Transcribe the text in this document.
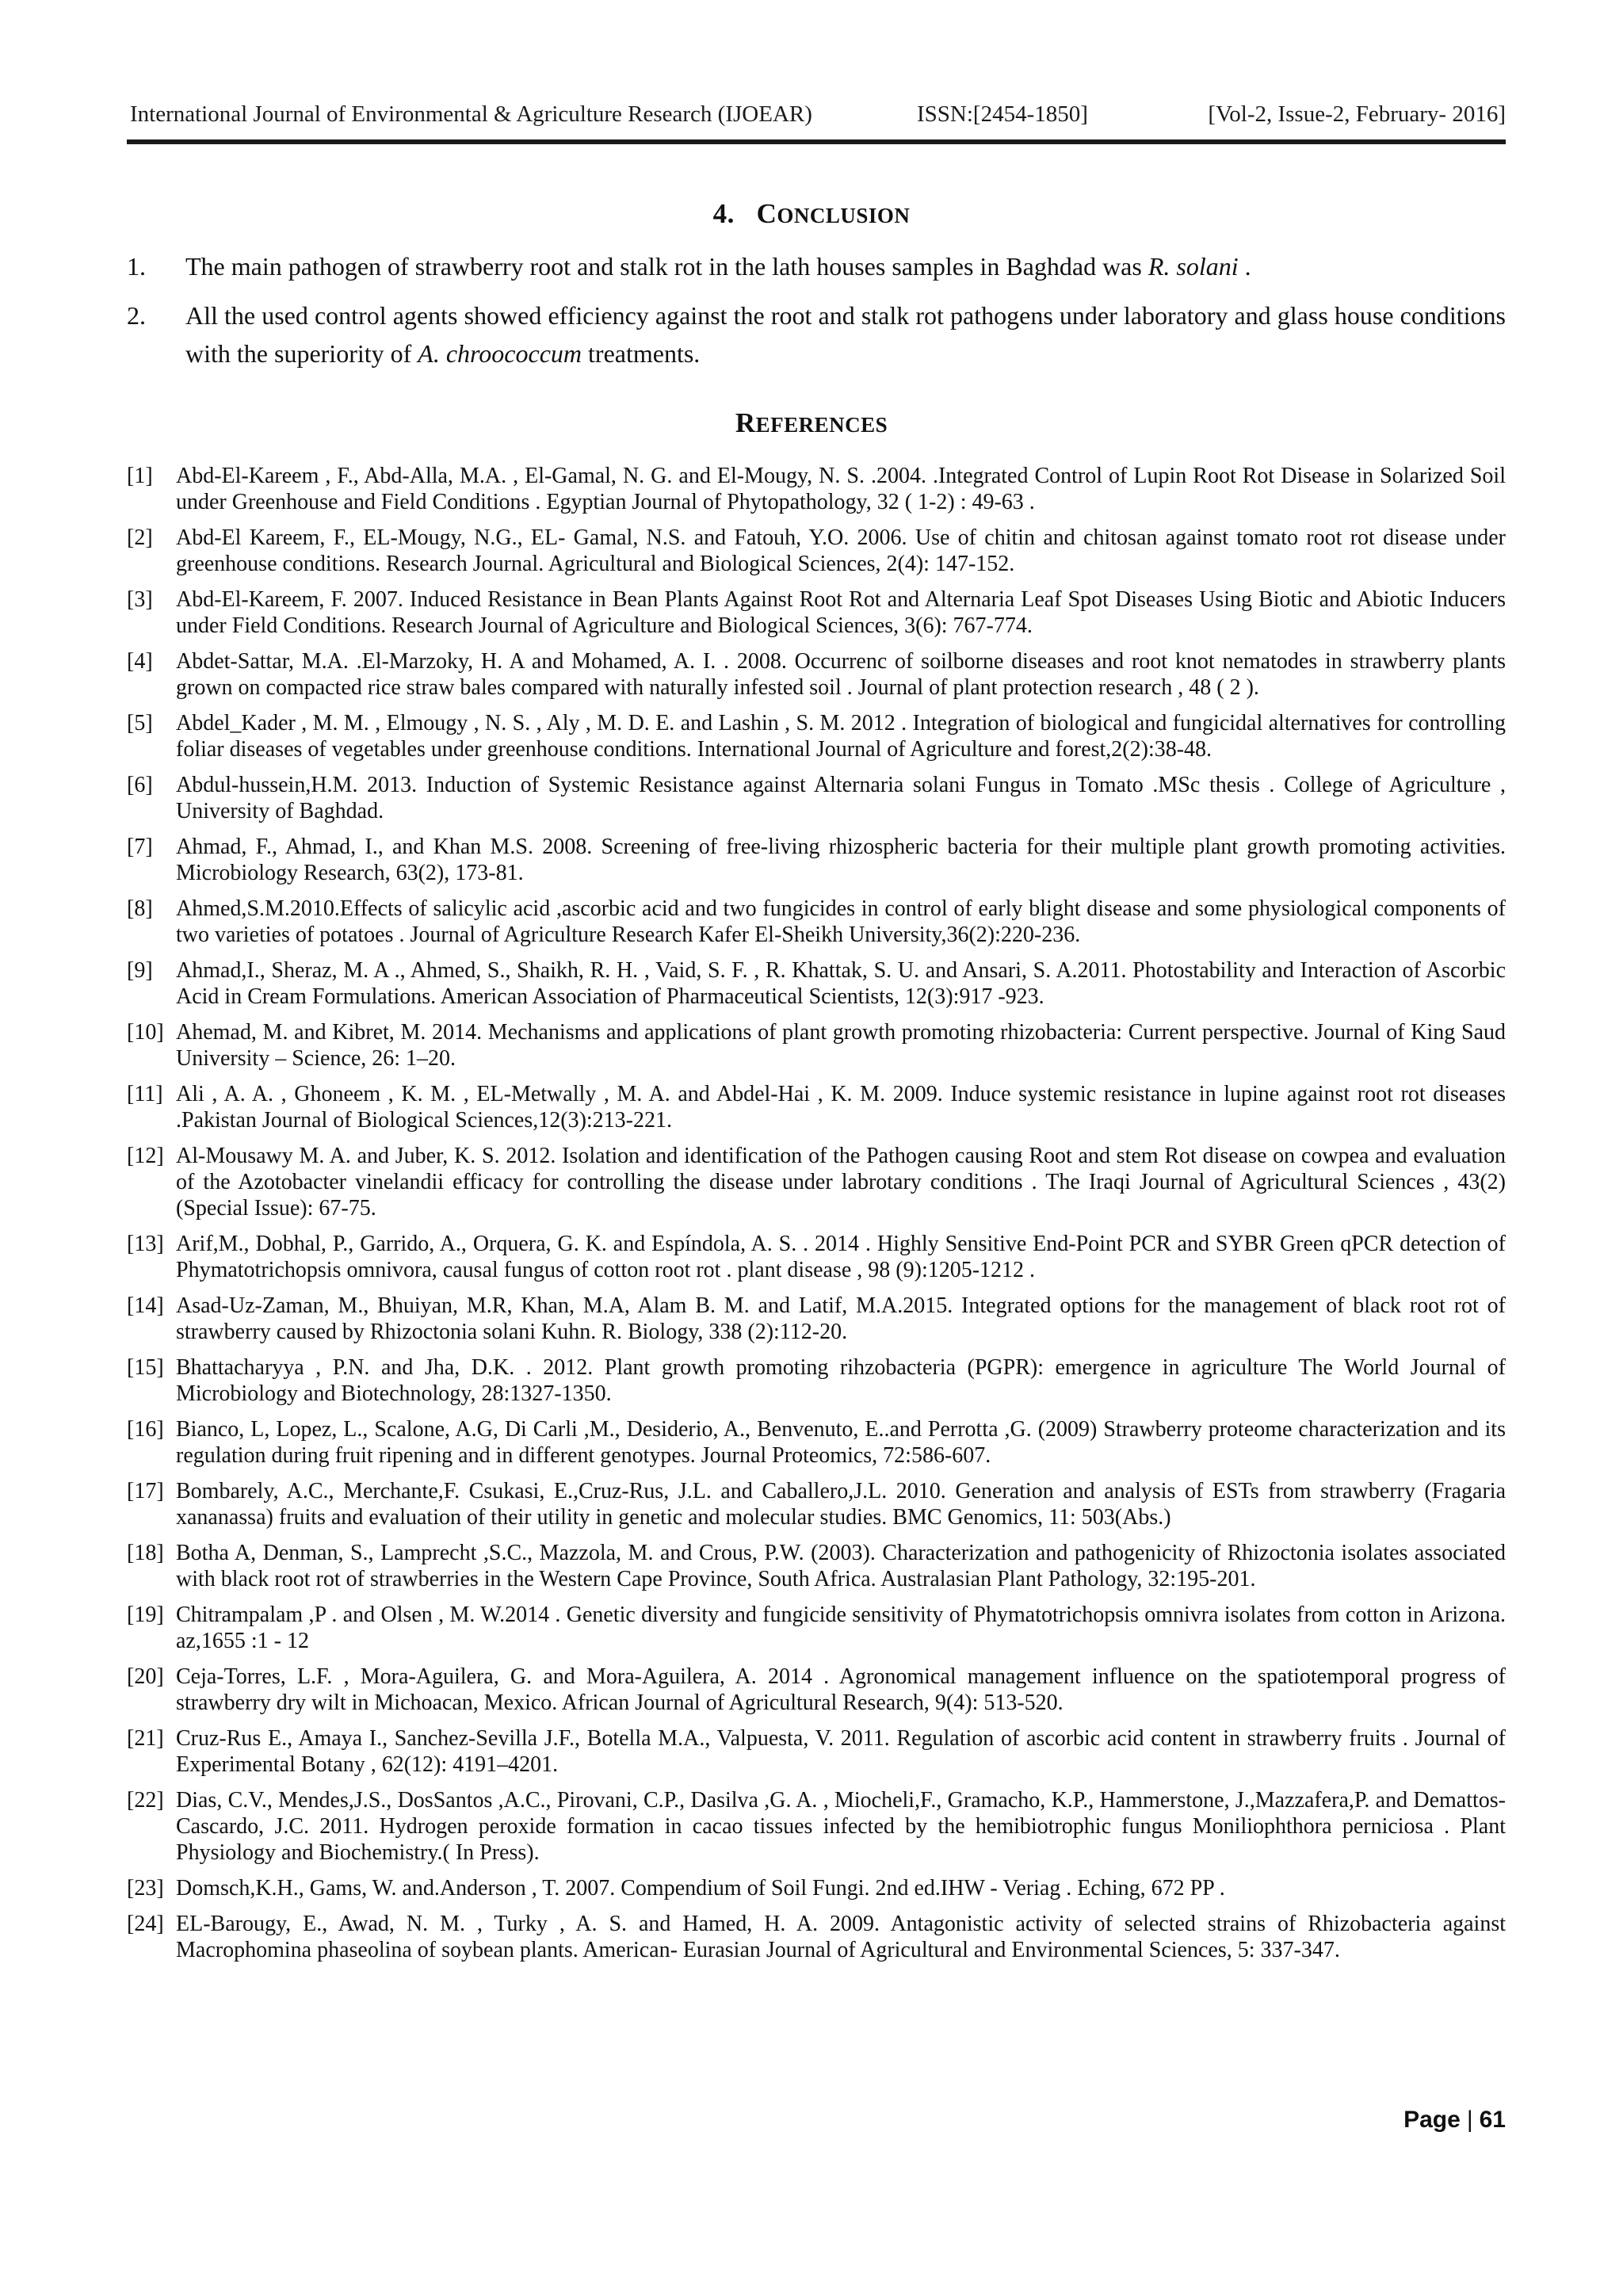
International Journal of Environmental & Agriculture Research (IJOEAR)	ISSN:[2454-1850]	[Vol-2, Issue-2, February- 2016]
4. CONCLUSION
1.	The main pathogen of strawberry root and stalk rot in the lath houses samples in Baghdad was R. solani .
2.	All the used control agents showed efficiency against the root and stalk rot pathogens under laboratory and glass house conditions with the superiority of A. chroococcum treatments.
REFERENCES
[1]	Abd-El-Kareem , F., Abd-Alla, M.A. , El-Gamal, N. G. and El-Mougy, N. S. .2004. .Integrated Control of Lupin Root Rot Disease in Solarized Soil under Greenhouse and Field Conditions . Egyptian Journal of Phytopathology, 32 ( 1-2) : 49-63 .
[2]	Abd-El Kareem, F., EL-Mougy, N.G., EL- Gamal, N.S. and Fatouh, Y.O. 2006. Use of chitin and chitosan against tomato root rot disease under greenhouse conditions. Research Journal. Agricultural and Biological Sciences, 2(4): 147-152.
[3]	Abd-El-Kareem, F. 2007. Induced Resistance in Bean Plants Against Root Rot and Alternaria Leaf Spot Diseases Using Biotic and Abiotic Inducers under Field Conditions. Research Journal of Agriculture and Biological Sciences, 3(6): 767-774.
[4]	Abdet-Sattar, M.A. .El-Marzoky, H. A and Mohamed, A. I. . 2008. Occurrenc of soilborne diseases and root knot nematodes in strawberry plants grown on compacted rice straw bales compared with naturally infested soil . Journal of plant protection research , 48 ( 2 ).
[5]	Abdel_Kader , M. M. , Elmougy , N. S. , Aly , M. D. E. and Lashin , S. M. 2012 . Integration of biological and fungicidal alternatives for controlling foliar diseases of vegetables under greenhouse conditions. International Journal of Agriculture and forest,2(2):38-48.
[6]	Abdul-hussein,H.M. 2013. Induction of Systemic Resistance against Alternaria solani Fungus in Tomato .MSc thesis . College of Agriculture , University of Baghdad.
[7]	Ahmad, F., Ahmad, I., and Khan M.S. 2008. Screening of free-living rhizospheric bacteria for their multiple plant growth promoting activities. Microbiology Research, 63(2), 173-81.
[8]	Ahmed,S.M.2010.Effects of salicylic acid ,ascorbic acid and two fungicides in control of early blight disease and some physiological components of two varieties of potatoes . Journal of Agriculture Research Kafer El-Sheikh University,36(2):220-236.
[9]	Ahmad,I., Sheraz, M. A ., Ahmed, S., Shaikh, R. H. , Vaid, S. F. , R. Khattak, S. U. and Ansari, S. A.2011. Photostability and Interaction of Ascorbic Acid in Cream Formulations. American Association of Pharmaceutical Scientists, 12(3):917 -923.
[10] Ahemad, M. and Kibret, M. 2014. Mechanisms and applications of plant growth promoting rhizobacteria: Current perspective. Journal of King Saud University – Science, 26: 1–20.
[11] Ali , A. A. , Ghoneem , K. M. , EL-Metwally , M. A. and Abdel-Hai , K. M. 2009. Induce systemic resistance in lupine against root rot diseases .Pakistan Journal of Biological Sciences,12(3):213-221.
[12] Al-Mousawy M. A. and Juber, K. S. 2012. Isolation and identification of the Pathogen causing Root and stem Rot disease on cowpea and evaluation of the Azotobacter vinelandii efficacy for controlling the disease under labrotary conditions . The Iraqi Journal of Agricultural Sciences , 43(2) (Special Issue): 67-75.
[13] Arif,M., Dobhal, P., Garrido, A., Orquera, G. K. and Espíndola, A. S. . 2014 . Highly Sensitive End-Point PCR and SYBR Green qPCR detection of Phymatotrichopsis omnivora, causal fungus of cotton root rot . plant disease , 98 (9):1205-1212 .
[14] Asad-Uz-Zaman, M., Bhuiyan, M.R, Khan, M.A, Alam B. M. and Latif, M.A.2015. Integrated options for the management of black root rot of strawberry caused by Rhizoctonia solani Kuhn. R. Biology, 338 (2):112-20.
[15] Bhattacharyya , P.N. and Jha, D.K. . 2012. Plant growth promoting rihzobacteria (PGPR): emergence in agriculture The World Journal of Microbiology and Biotechnology, 28:1327-1350.
[16] Bianco, L, Lopez, L., Scalone, A.G, Di Carli ,M., Desiderio, A., Benvenuto, E..and Perrotta ,G. (2009) Strawberry proteome characterization and its regulation during fruit ripening and in different genotypes. Journal Proteomics, 72:586-607.
[17] Bombarely, A.C., Merchante,F. Csukasi, E.,Cruz-Rus, J.L. and Caballero,J.L. 2010. Generation and analysis of ESTs from strawberry (Fragaria xananassa) fruits and evaluation of their utility in genetic and molecular studies. BMC Genomics, 11: 503(Abs.)
[18] Botha A, Denman, S., Lamprecht ,S.C., Mazzola, M. and Crous, P.W. (2003). Characterization and pathogenicity of Rhizoctonia isolates associated with black root rot of strawberries in the Western Cape Province, South Africa. Australasian Plant Pathology, 32:195-201.
[19] Chitrampalam ,P . and Olsen , M. W.2014 . Genetic diversity and fungicide sensitivity of Phymatotrichopsis omnivra isolates from cotton in Arizona. az,1655 :1 - 12
[20] Ceja-Torres, L.F. , Mora-Aguilera, G. and Mora-Aguilera, A. 2014 . Agronomical management influence on the spatiotemporal progress of strawberry dry wilt in Michoacan, Mexico. African Journal of Agricultural Research, 9(4): 513-520.
[21] Cruz-Rus E., Amaya I., Sanchez-Sevilla J.F., Botella M.A., Valpuesta, V. 2011. Regulation of ascorbic acid content in strawberry fruits . Journal of Experimental Botany , 62(12): 4191–4201.
[22] Dias, C.V., Mendes,J.S., DosSantos ,A.C., Pirovani, C.P., Dasilva ,G. A. , Miocheli,F., Gramacho, K.P., Hammerstone, J.,Mazzafera,P. and Demattos-Cascardo, J.C. 2011. Hydrogen peroxide formation in cacao tissues infected by the hemibiotrophic fungus Moniliophthora perniciosa . Plant Physiology and Biochemistry.( In Press).
[23] Domsch,K.H., Gams, W. and.Anderson , T. 2007. Compendium of Soil Fungi. 2nd ed.IHW - Veriag . Eching, 672 PP .
[24] EL-Barougy, E., Awad, N. M. , Turky , A. S. and Hamed, H. A. 2009. Antagonistic activity of selected strains of Rhizobacteria against Macrophomina phaseolina of soybean plants. American- Eurasian Journal of Agricultural and Environmental Sciences, 5: 337-347.
Page | 61
